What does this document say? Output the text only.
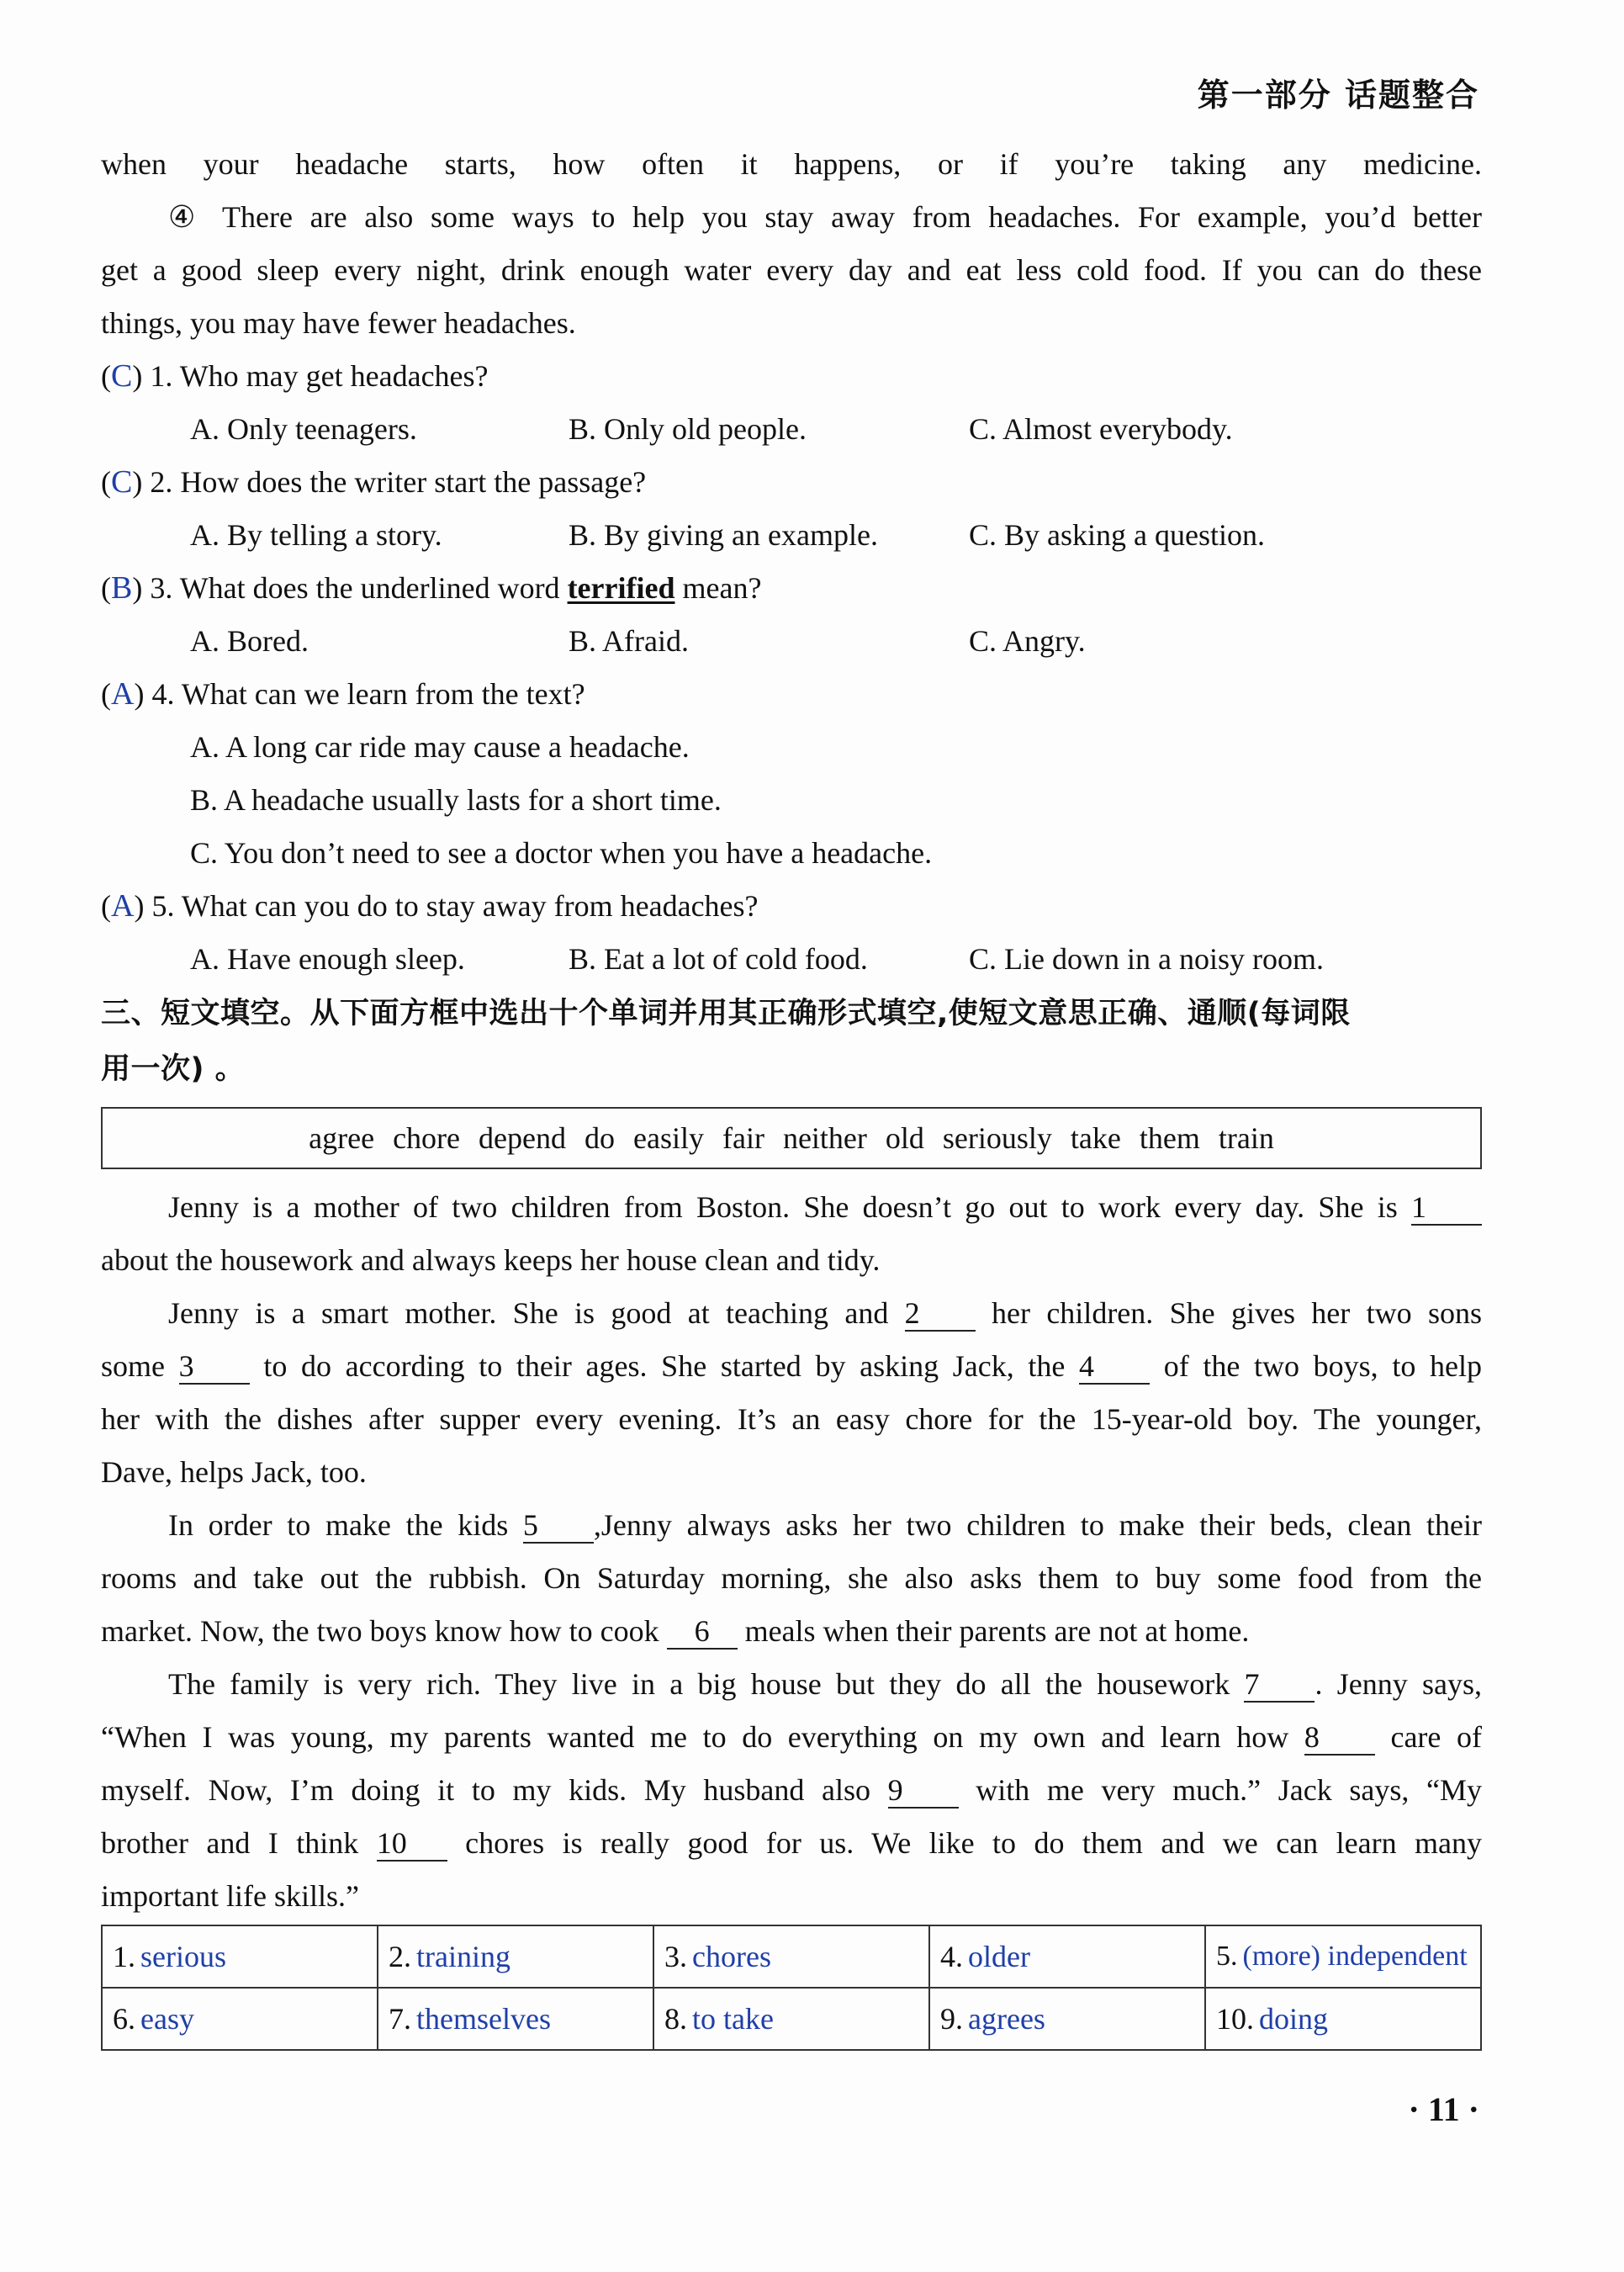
第一部分 话题整合
when your headache starts, how often it happens, or if you’re taking any medicine.
④ There are also some ways to help you stay away from headaches. For example, you’d better
get a good sleep every night, drink enough water every day and eat less cold food. If you can do these
things, you may have fewer headaches.
(C) 1. Who may get headaches?
A. Only teenagers.	B. Only old people.	C. Almost everybody.
(C) 2. How does the writer start the passage?
A. By telling a story.	B. By giving an example.	C. By asking a question.
(B) 3. What does the underlined word terrified mean?
A. Bored.	B. Afraid.	C. Angry.
(A) 4. What can we learn from the text?
A. A long car ride may cause a headache.
B. A headache usually lasts for a short time.
C. You don’t need to see a doctor when you have a headache.
(A) 5. What can you do to stay away from headaches?
A. Have enough sleep.	B. Eat a lot of cold food.	C. Lie down in a noisy room.
三、短文填空。从下面方框中选出十个单词并用其正确形式填空,使短文意思正确、通顺(每词限
用一次) 。
agree chore depend do easily fair neither old seriously take them train
Jenny is a mother of two children from Boston. She doesn’t go out to work every day. She is 1
about the housework and always keeps her house clean and tidy.
Jenny is a smart mother. She is good at teaching and 2 her children. She gives her two sons
some 3 to do according to their ages. She started by asking Jack, the 4 of the two boys, to help
her with the dishes after supper every evening. It’s an easy chore for the 15-year-old boy. The younger,
Dave, helps Jack, too.
In order to make the kids 5 ,Jenny always asks her two children to make their beds, clean their
rooms and take out the rubbish. On Saturday morning, she also asks them to buy some food from the
market. Now, the two boys know how to cook 6 meals when their parents are not at home.
The family is very rich. They live in a big house but they do all the housework 7 . Jenny says,
“When I was young, my parents wanted me to do everything on my own and learn how 8 care of
myself. Now, I’m doing it to my kids. My husband also 9 with me very much.” Jack says, “My
brother and I think 10 chores is really good for us. We like to do them and we can learn many
important life skills.”
1. serious	2. training	3. chores	4. older	5. (more) independent
6. easy	7. themselves	8. to take	9. agrees	10. doing
· 11 ·
